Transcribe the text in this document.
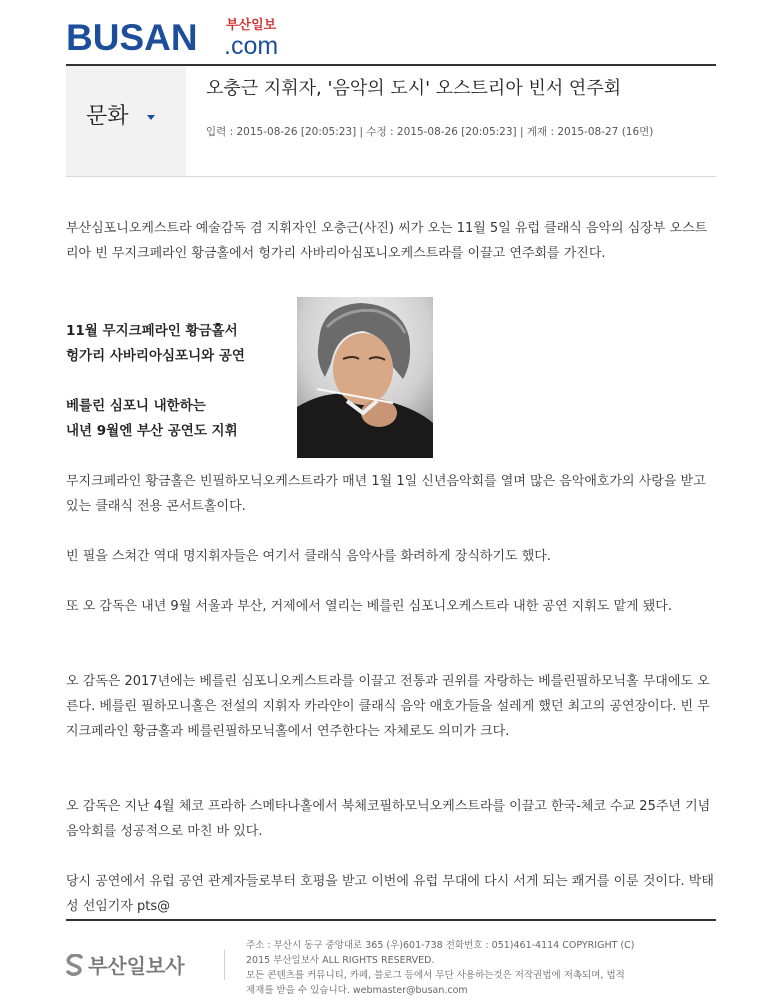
BUSAN 부산일보
.com
문화
오충근 지휘자, '음악의 도시' 오스트리아 빈서 연주회
입력 : 2015-08-26 [20:05:23] | 수정 : 2015-08-26 [20:05:23] | 게재 : 2015-08-27 (16면)

부산심포니오케스트라 예술감독 겸 지휘자인 오충근(사진) 씨가 오는 11월 5일 유럽 클래식 음악의 심장부 오스트리아 빈 무지크페라인 황금홀에서 헝가리 사바리아심포니오케스트라를 이끌고 연주회를 가진다.

11월 무지크페라인 황금홀서
헝가리 사바리아심포니와 공연
베를린 심포니 내한하는
내년 9월엔 부산 공연도 지휘

무지크페라인 황금홀은 빈필하모닉오케스트라가 매년 1월 1일 신년음악회를 열며 많은 음악애호가의 사랑을 받고 있는 클래식 전용 콘서트홀이다.

빈 필을 스쳐간 역대 명지휘자들은 여기서 클래식 음악사를 화려하게 장식하기도 했다.

또 오 감독은 내년 9월 서울과 부산, 거제에서 열리는 베를린 심포니오케스트라 내한 공연 지휘도 맡게 됐다.

오 감독은 2017년에는 베를린 심포니오케스트라를 이끌고 전통과 권위를 자랑하는 베를린필하모닉홀 무대에도 오른다. 베를린 필하모니홀은 전설의 지휘자 카라얀이 클래식 음악 애호가들을 설레게 했던 최고의 공연장이다. 빈 무지크페라인 황금홀과 베를린필하모닉홀에서 연주한다는 자체로도 의미가 크다.

오 감독은 지난 4월 체코 프라하 스메타나홀에서 북체코필하모닉오케스트라를 이끌고 한국-체코 수교 25주년 기념음악회를 성공적으로 마친 바 있다.

당시 공연에서 유럽 공연 관계자들로부터 호평을 받고 이번에 유럽 무대에 다시 서게 되는 쾌거를 이룬 것이다. 박태성 선임기자 pts@

부산일보사
주소 : 부산시 동구 중앙대로 365 (우)601-738 전화번호 : 051)461-4114 COPYRIGHT (C)
2015 부산일보사 ALL RIGHTS RESERVED.
모든 콘텐츠를 커뮤니티, 카페, 블로그 등에서 무단 사용하는것은 저작권법에 저촉되며, 법적
제재를 받을 수 있습니다. webmaster@busan.com
